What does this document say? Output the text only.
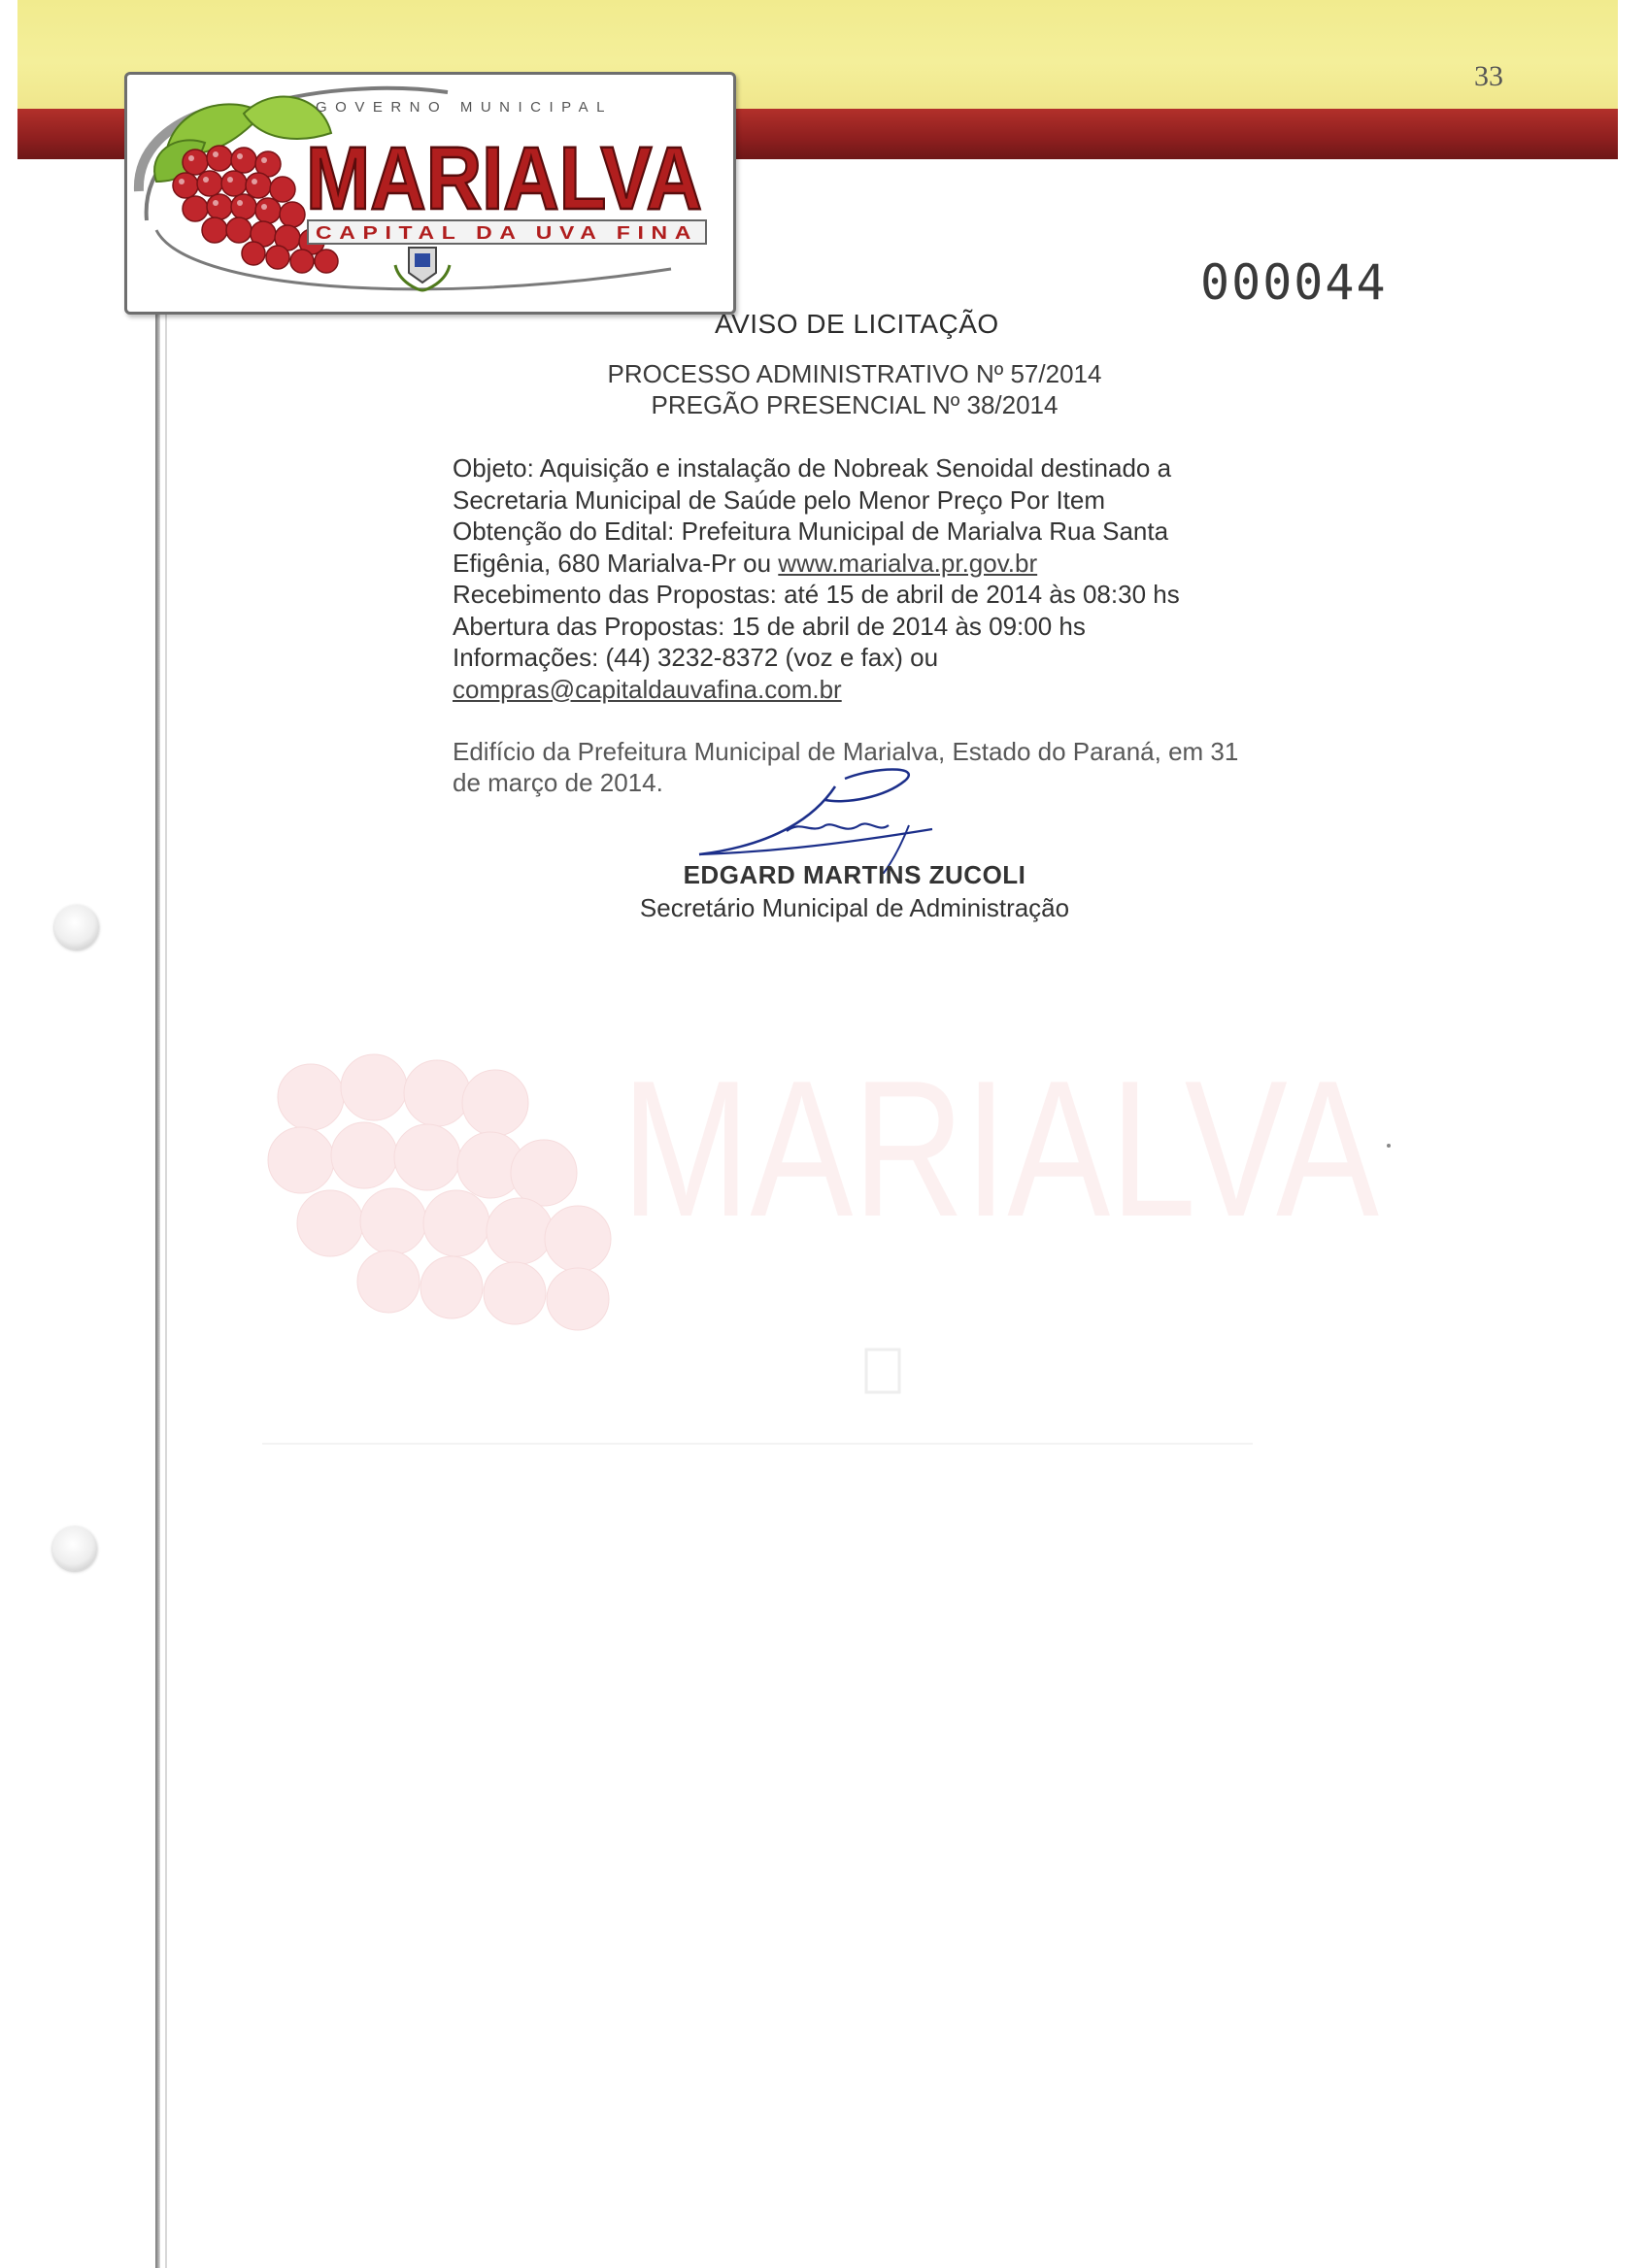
33
GOVERNO MUNICIPAL
MARIALVA
CAPITAL DA UVA FINA
000044
AVISO DE LICITAÇÃO
PROCESSO ADMINISTRATIVO Nº 57/2014
PREGÃO PRESENCIAL Nº 38/2014
Objeto: Aquisição e instalação de Nobreak Senoidal destinado a
Secretaria Municipal de Saúde pelo Menor Preço Por Item
Obtenção do Edital: Prefeitura Municipal de Marialva Rua Santa
Efigênia, 680 Marialva-Pr ou www.marialva.pr.gov.br
Recebimento das Propostas: até 15 de abril de 2014 às 08:30 hs
Abertura das Propostas: 15 de abril de 2014 às 09:00 hs
Informações: (44) 3232-8372 (voz e fax) ou
compras@capitaldauvafina.com.br
Edifício da Prefeitura Municipal de Marialva, Estado do Paraná, em 31
de março de 2014.
EDGARD MARTINS ZUCOLI
Secretário Municipal de Administração
MARIALVA
